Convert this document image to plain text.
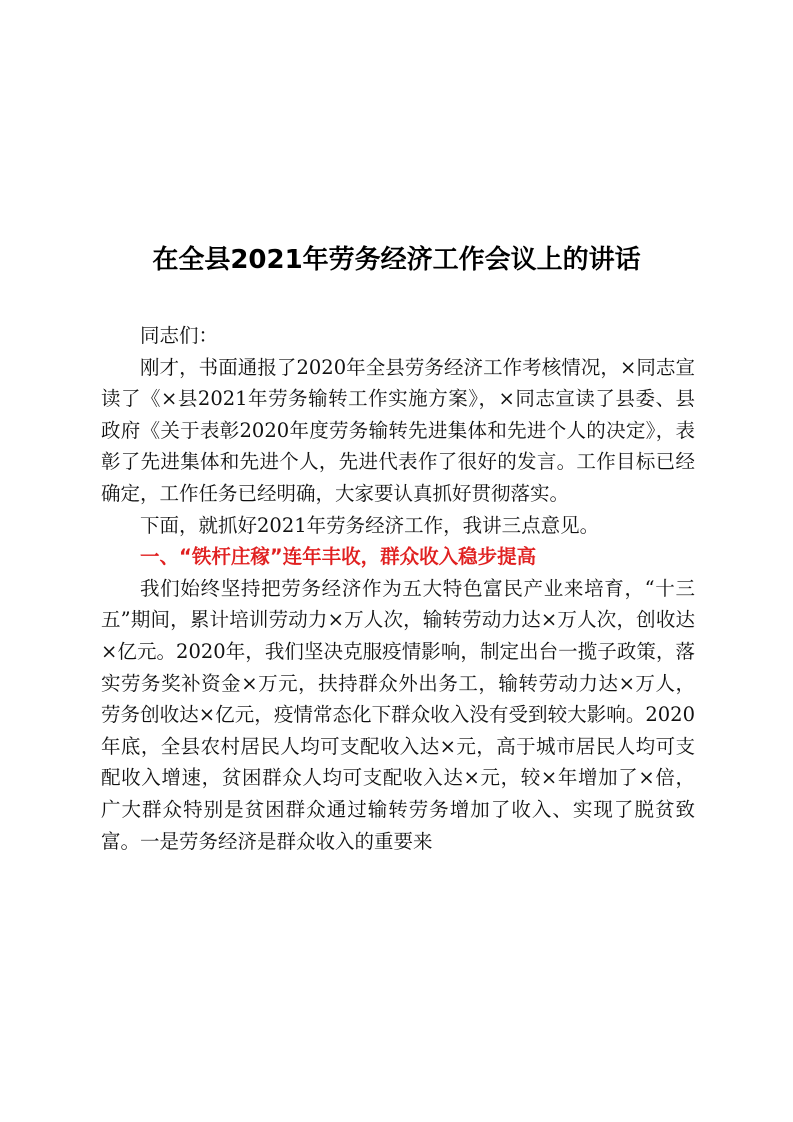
在全县2021年劳务经济工作会议上的讲话

同志们：

刚才，书面通报了2020年全县劳务经济工作考核情况，×同志宣读了《×县2021年劳务输转工作实施方案》，×同志宣读了县委、县政府《关于表彰2020年度劳务输转先进集体和先进个人的决定》，表彰了先进集体和先进个人，先进代表作了很好的发言。工作目标已经确定，工作任务已经明确，大家要认真抓好贯彻落实。

下面，就抓好2021年劳务经济工作，我讲三点意见。

一、“铁杆庄稼”连年丰收，群众收入稳步提高

我们始终坚持把劳务经济作为五大特色富民产业来培育，“十三五”期间，累计培训劳动力×万人次，输转劳动力达×万人次，创收达×亿元。2020年，我们坚决克服疫情影响，制定出台一揽子政策，落实劳务奖补资金×万元，扶持群众外出务工，输转劳动力达×万人，劳务创收达×亿元，疫情常态化下群众收入没有受到较大影响。2020年底，全县农村居民人均可支配收入达×元，高于城市居民人均可支配收入增速，贫困群众人均可支配收入达×元，较×年增加了×倍，广大群众特别是贫困群众通过输转劳务增加了收入、实现了脱贫致富。一是劳务经济是群众收入的重要来
